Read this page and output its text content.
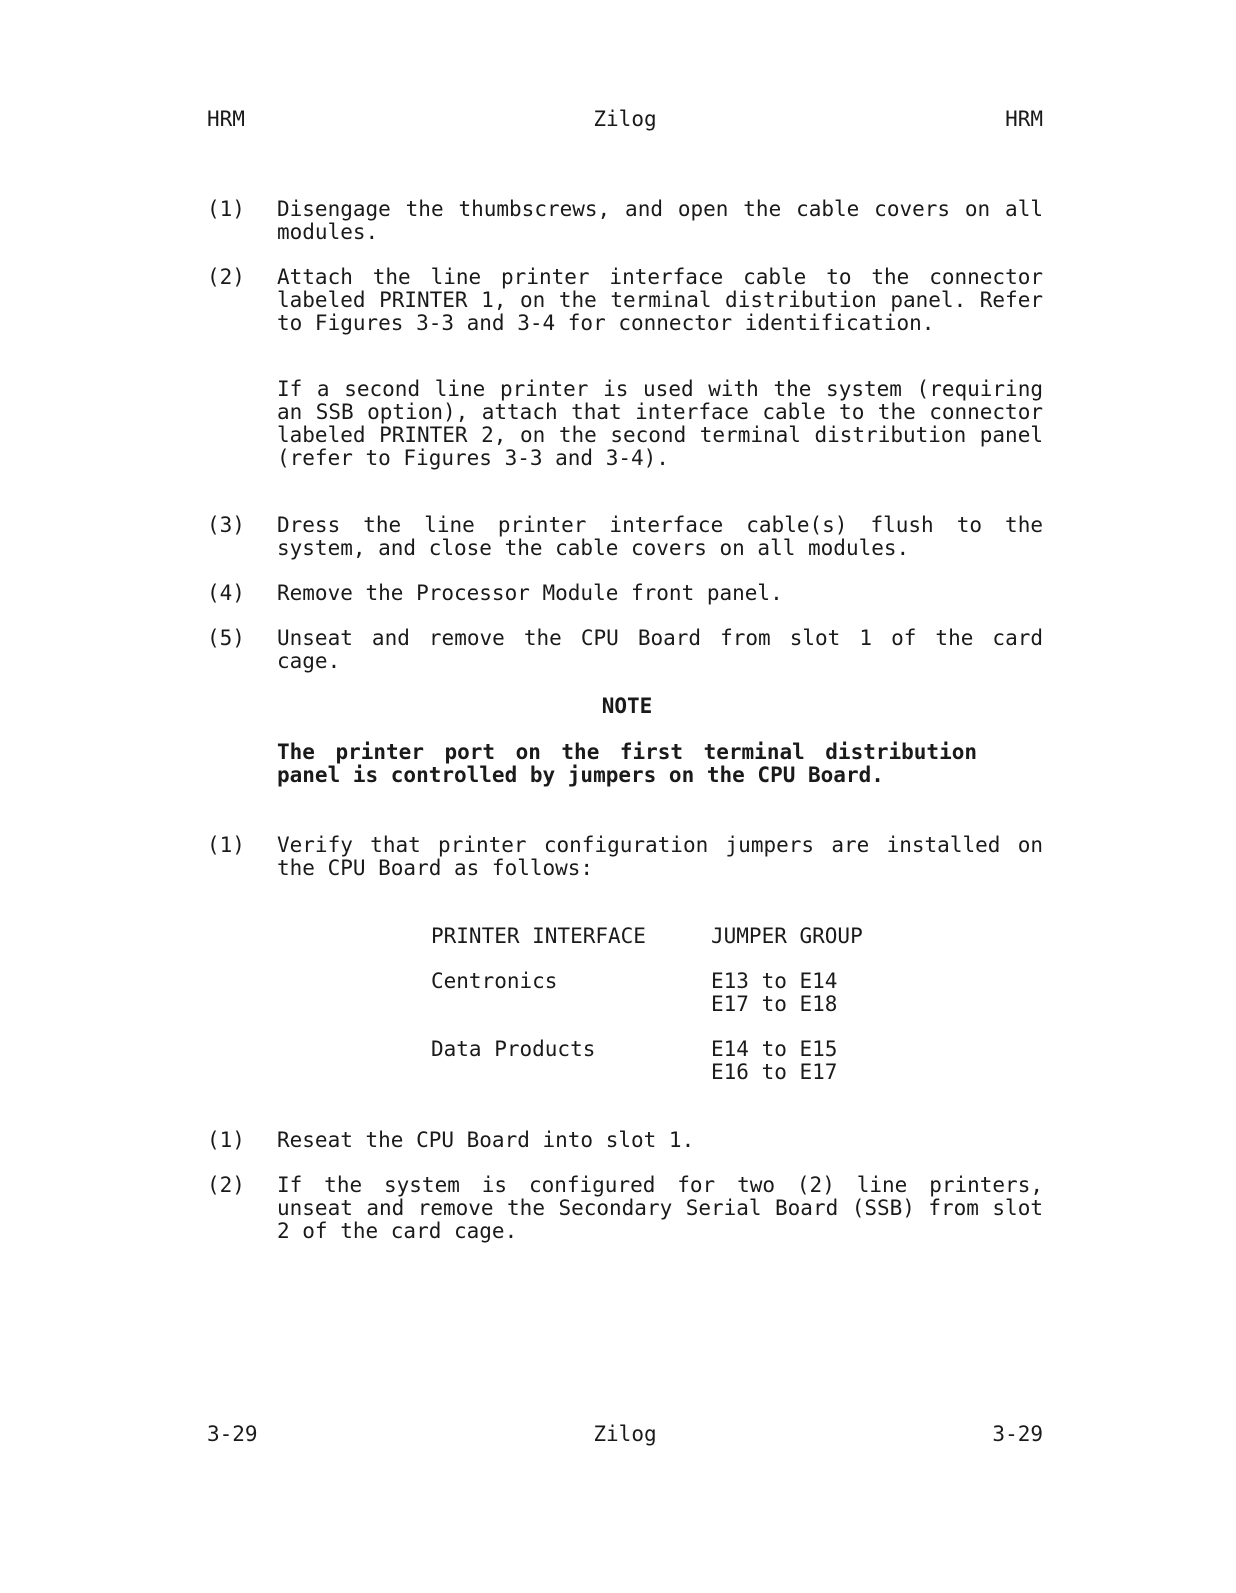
HRM	Zilog	HRM
(1) Disengage the thumbscrews, and open the cable covers on all modules.
(2) Attach the line printer interface cable to the connector labeled PRINTER 1, on the terminal distribution panel. Refer to Figures 3-3 and 3-4 for connector identification.
If a second line printer is used with the system (requiring an SSB option), attach that interface cable to the connector labeled PRINTER 2, on the second terminal distribution panel (refer to Figures 3-3 and 3-4).
(3) Dress the line printer interface cable(s) flush to the system, and close the cable covers on all modules.
(4) Remove the Processor Module front panel.
(5) Unseat and remove the CPU Board from slot 1 of the card cage.
NOTE
The printer port on the first terminal distribution panel is controlled by jumpers on the CPU Board.
(1) Verify that printer configuration jumpers are installed on the CPU Board as follows:
PRINTER INTERFACE	JUMPER GROUP
Centronics	E13 to E14
E17 to E18
Data Products	E14 to E15
E16 to E17
(1) Reseat the CPU Board into slot 1.
(2) If the system is configured for two (2) line printers, unseat and remove the Secondary Serial Board (SSB) from slot 2 of the card cage.
3-29	Zilog	3-29
